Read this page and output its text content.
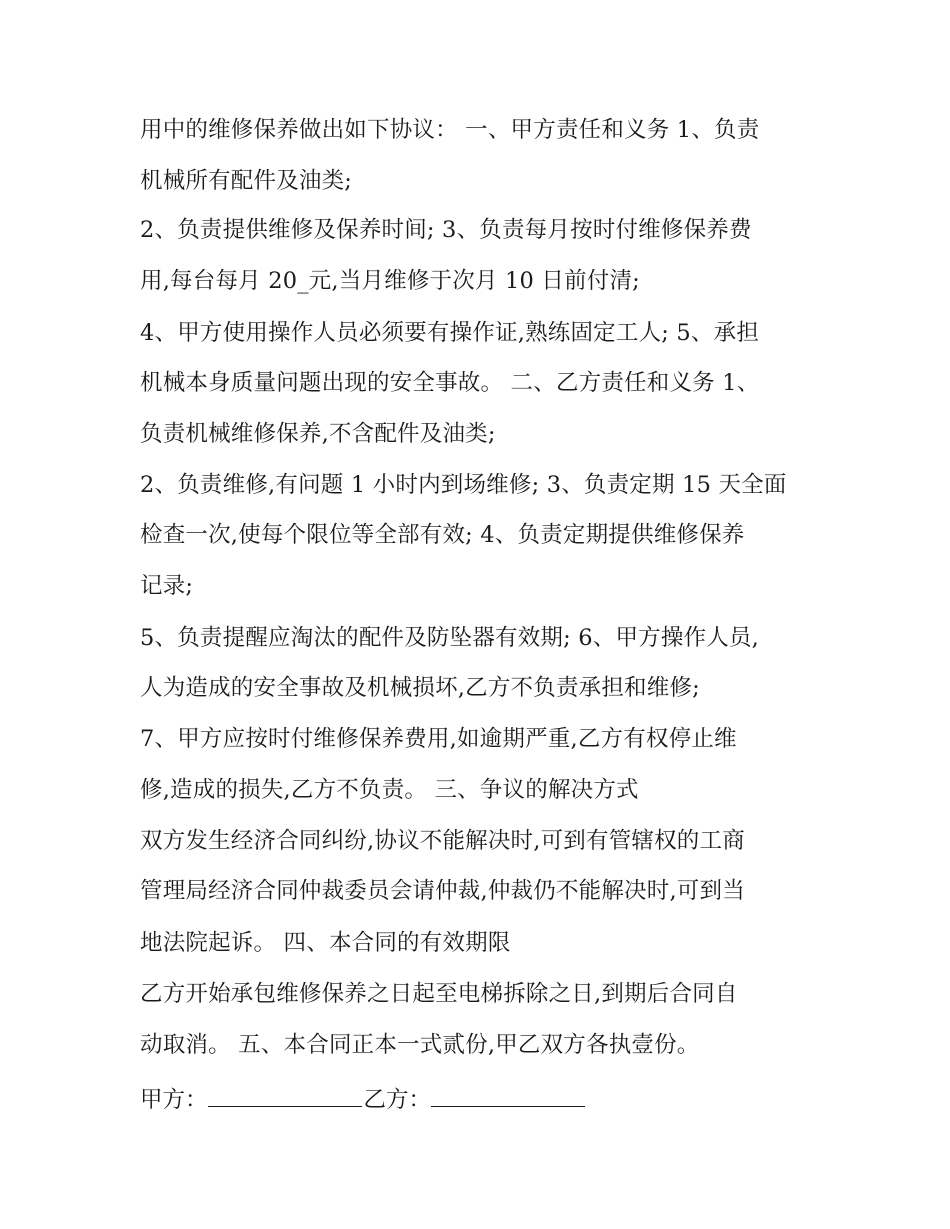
用中的维修保养做出如下协议： 一、甲方责任和义务 1、负责
机械所有配件及油类;
2、负责提供维修及保养时间; 3、负责每月按时付维修保养费
用,每台每月 20_元,当月维修于次月 10 日前付清;
4、甲方使用操作人员必须要有操作证,熟练固定工人; 5、承担
机械本身质量问题出现的安全事故。 二、乙方责任和义务 1、
负责机械维修保养,不含配件及油类;
2、负责维修,有问题 1 小时内到场维修; 3、负责定期 15 天全面
检查一次,使每个限位等全部有效; 4、负责定期提供维修保养
记录;
5、负责提醒应淘汰的配件及防坠器有效期; 6、甲方操作人员,
人为造成的安全事故及机械损坏,乙方不负责承担和维修;
7、甲方应按时付维修保养费用,如逾期严重,乙方有权停止维
修,造成的损失,乙方不负责。 三、争议的解决方式
双方发生经济合同纠纷,协议不能解决时,可到有管辖权的工商
管理局经济合同仲裁委员会请仲裁,仲裁仍不能解决时,可到当
地法院起诉。 四、本合同的有效期限
乙方开始承包维修保养之日起至电梯拆除之日,到期后合同自
动取消。 五、本合同正本一式贰份,甲乙双方各执壹份。
甲方：	乙方：
